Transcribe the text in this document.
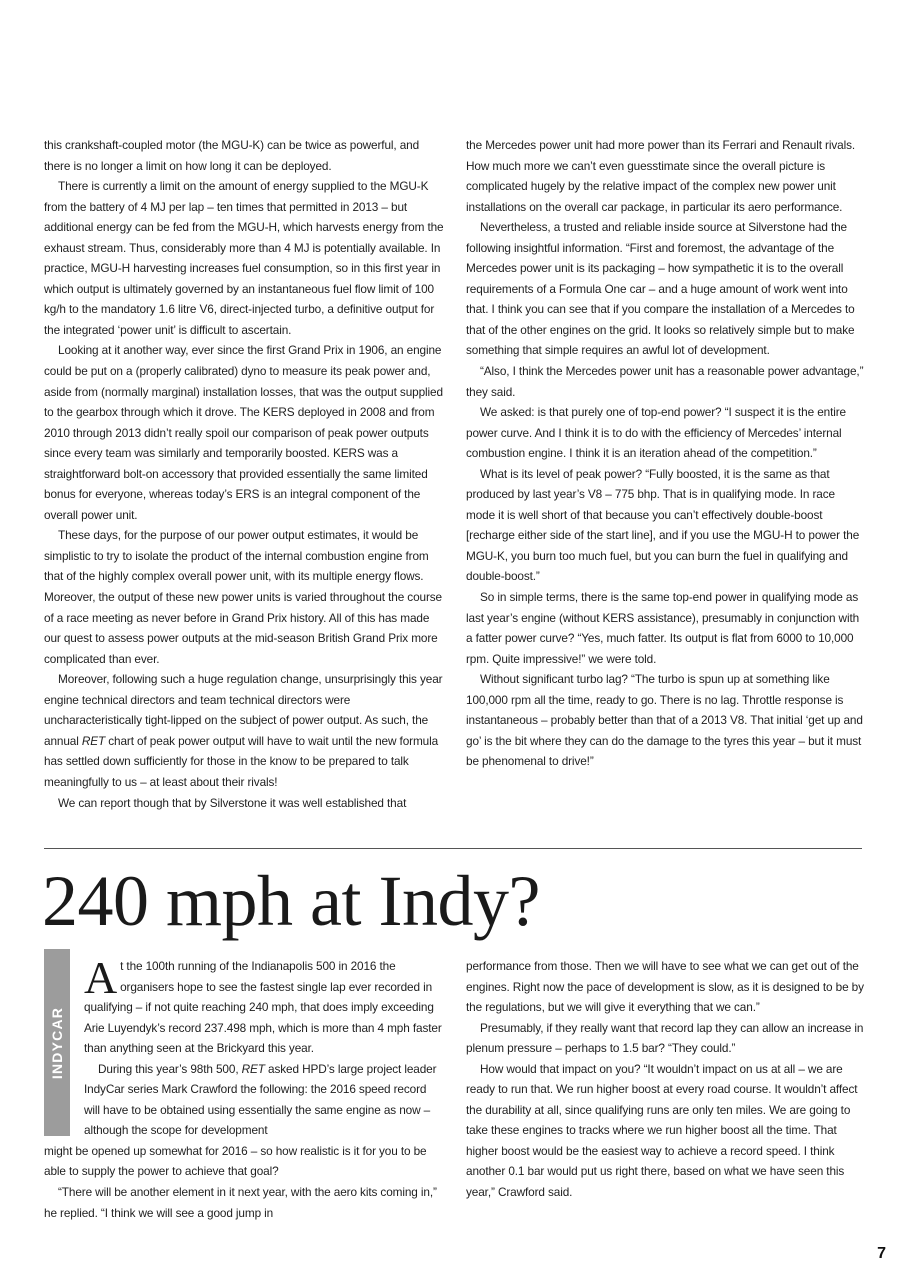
this crankshaft-coupled motor (the MGU-K) can be twice as powerful, and there is no longer a limit on how long it can be deployed.

There is currently a limit on the amount of energy supplied to the MGU-K from the battery of 4 MJ per lap – ten times that permitted in 2013 – but additional energy can be fed from the MGU-H, which harvests energy from the exhaust stream. Thus, considerably more than 4 MJ is potentially available. In practice, MGU-H harvesting increases fuel consumption, so in this first year in which output is ultimately governed by an instantaneous fuel flow limit of 100 kg/h to the mandatory 1.6 litre V6, direct-injected turbo, a definitive output for the integrated ‘power unit’ is difficult to ascertain.

Looking at it another way, ever since the first Grand Prix in 1906, an engine could be put on a (properly calibrated) dyno to measure its peak power and, aside from (normally marginal) installation losses, that was the output supplied to the gearbox through which it drove. The KERS deployed in 2008 and from 2010 through 2013 didn’t really spoil our comparison of peak power outputs since every team was similarly and temporarily boosted. KERS was a straightforward bolt-on accessory that provided essentially the same limited bonus for everyone, whereas today’s ERS is an integral component of the overall power unit.

These days, for the purpose of our power output estimates, it would be simplistic to try to isolate the product of the internal combustion engine from that of the highly complex overall power unit, with its multiple energy flows. Moreover, the output of these new power units is varied throughout the course of a race meeting as never before in Grand Prix history. All of this has made our quest to assess power outputs at the mid-season British Grand Prix more complicated than ever.

Moreover, following such a huge regulation change, unsurprisingly this year engine technical directors and team technical directors were uncharacteristically tight-lipped on the subject of power output. As such, the annual RET chart of peak power output will have to wait until the new formula has settled down sufficiently for those in the know to be prepared to talk meaningfully to us – at least about their rivals!

We can report though that by Silverstone it was well established that

the Mercedes power unit had more power than its Ferrari and Renault rivals. How much more we can’t even guesstimate since the overall picture is complicated hugely by the relative impact of the complex new power unit installations on the overall car package, in particular its aero performance.

Nevertheless, a trusted and reliable inside source at Silverstone had the following insightful information. “First and foremost, the advantage of the Mercedes power unit is its packaging – how sympathetic it is to the overall requirements of a Formula One car – and a huge amount of work went into that. I think you can see that if you compare the installation of a Mercedes to that of the other engines on the grid. It looks so relatively simple but to make something that simple requires an awful lot of development.

“Also, I think the Mercedes power unit has a reasonable power advantage,” they said.

We asked: is that purely one of top-end power? “I suspect it is the entire power curve. And I think it is to do with the efficiency of Mercedes’ internal combustion engine. I think it is an iteration ahead of the competition.”

What is its level of peak power? “Fully boosted, it is the same as that produced by last year’s V8 – 775 bhp. That is in qualifying mode. In race mode it is well short of that because you can’t effectively double-boost [recharge either side of the start line], and if you use the MGU-H to power the MGU-K, you burn too much fuel, but you can burn the fuel in qualifying and double-boost.”

So in simple terms, there is the same top-end power in qualifying mode as last year’s engine (without KERS assistance), presumably in conjunction with a fatter power curve? “Yes, much fatter. Its output is flat from 6000 to 10,000 rpm. Quite impressive!” we were told.

Without significant turbo lag? “The turbo is spun up at something like 100,000 rpm all the time, ready to go. There is no lag. Throttle response is instantaneous – probably better than that of a 2013 V8. That initial ‘get up and go’ is the bit where they can do the damage to the tyres this year – but it must be phenomenal to drive!”

240 mph at Indy?
INDYCAR

At the 100th running of the Indianapolis 500 in 2016 the organisers hope to see the fastest single lap ever recorded in qualifying – if not quite reaching 240 mph, that does imply exceeding Arie Luyendyk’s record 237.498 mph, which is more than 4 mph faster than anything seen at the Brickyard this year.

During this year’s 98th 500, RET asked HPD’s large project leader IndyCar series Mark Crawford the following: the 2016 speed record will have to be obtained using essentially the same engine as now – although the scope for development
might be opened up somewhat for 2016 – so how realistic is it for you to be able to supply the power to achieve that goal?

“There will be another element in it next year, with the aero kits coming in,” he replied. “I think we will see a good jump in

performance from those. Then we will have to see what we can get out of the engines. Right now the pace of development is slow, as it is designed to be by the regulations, but we will give it everything that we can.”

Presumably, if they really want that record lap they can allow an increase in plenum pressure – perhaps to 1.5 bar? “They could.”

How would that impact on you? “It wouldn’t impact on us at all – we are ready to run that. We run higher boost at every road course. It wouldn’t affect the durability at all, since qualifying runs are only ten miles. We are going to take these engines to tracks where we run higher boost all the time. That higher boost would be the easiest way to achieve a record speed. I think another 0.1 bar would put us right there, based on what we have seen this year,” Crawford said.

7
